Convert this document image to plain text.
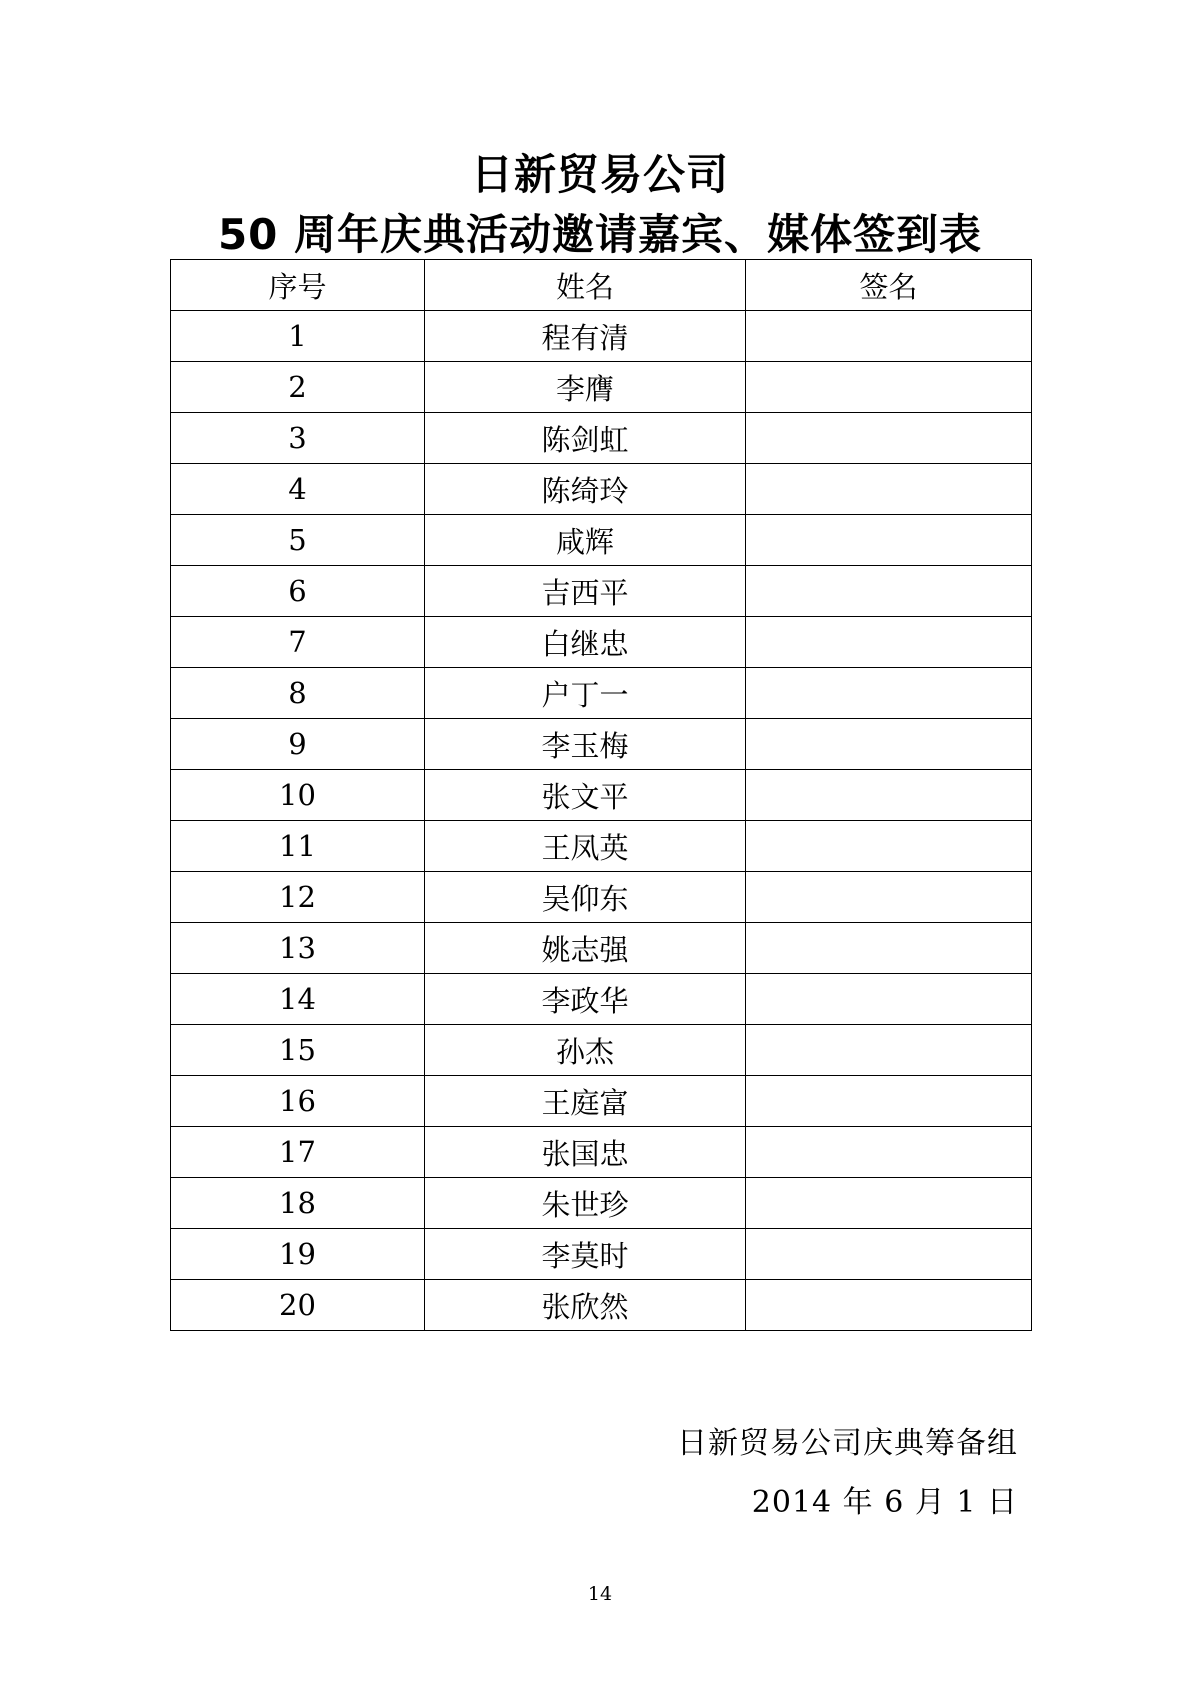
日新贸易公司
50 周年庆典活动邀请嘉宾、媒体签到表
序号	姓名	签名
1	程有清	
2	李膺	
3	陈剑虹	
4	陈绮玲	
5	咸辉	
6	吉西平	
7	白继忠	
8	户丁一	
9	李玉梅	
10	张文平	
11	王凤英	
12	吴仰东	
13	姚志强	
14	李政华	
15	孙杰	
16	王庭富	
17	张国忠	
18	朱世珍	
19	李莫时	
20	张欣然	
日新贸易公司庆典筹备组
2014 年 6 月 1 日
14
